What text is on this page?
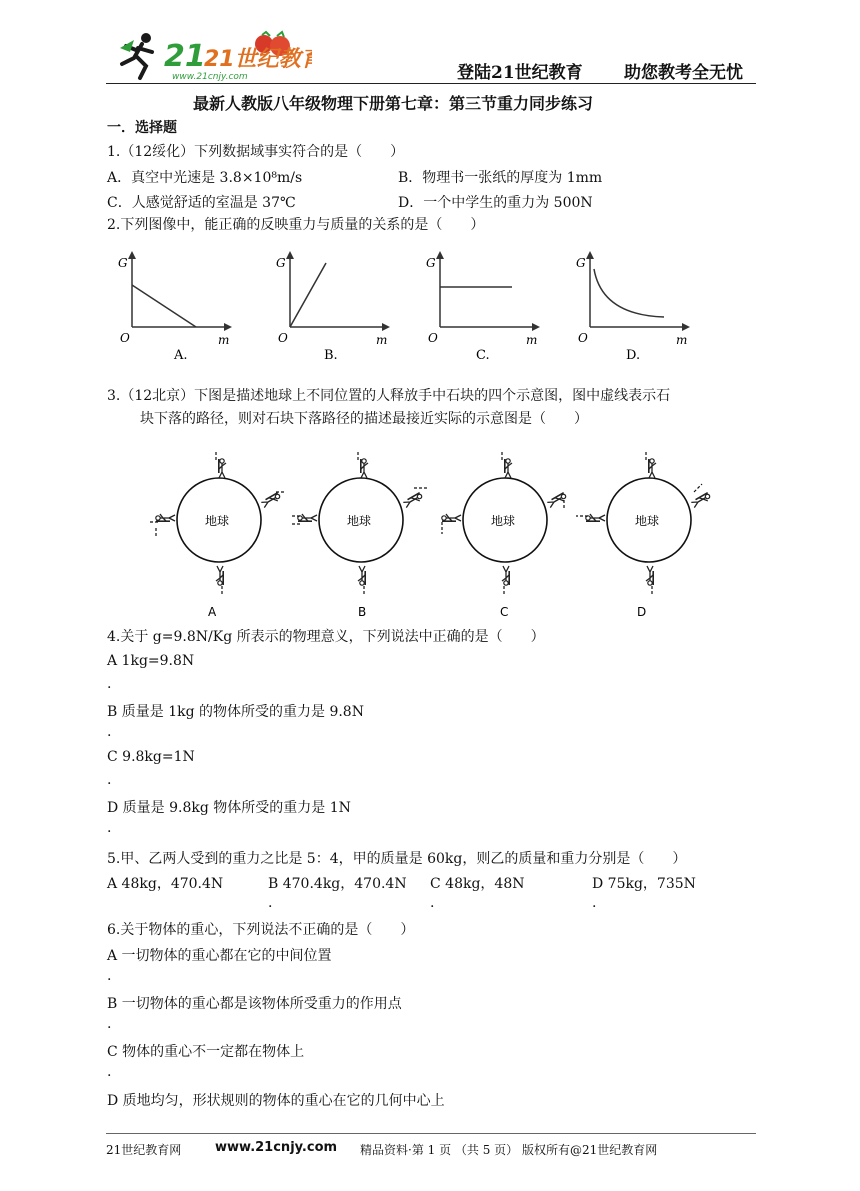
21
21世纪教育
www.21cnjy.com	登陆21世纪教育 助您教考全无忧
最新人教版八年级物理下册第七章：第三节重力同步练习
一．选择题
1.（12绥化）下列数据域事实符合的是（　　）
A．真空中光速是 3.8×10⁸m/s	B．物理书一张纸的厚度为 1mm
C．人感觉舒适的室温是 37℃	D．一个中学生的重力为 500N
2.下列图像中，能正确的反映重力与质量的关系的是（　　）
G
O	m
A.
G
O	m
B.
G
O	m
C.
G
O	m
D.
3.（12北京）下图是描述地球上不同位置的人释放手中石块的四个示意图，图中虚线表示石
块下落的路径，则对石块下落路径的描述最接近实际的示意图是（　　）
地球
A
地球
B
地球
C
地球
D
4.关于 g=9.8N/Kg 所表示的物理意义，下列说法中正确的是（　　）
A 1kg=9.8N
.
B 质量是 1kg 的物体所受的重力是 9.8N
.
C 9.8kg=1N
.
D 质量是 9.8kg 物体所受的重力是 1N
.
5.甲、乙两人受到的重力之比是 5：4，甲的质量是 60kg，则乙的质量和重力分别是（　　）
A 48kg，470.4N	B 470.4kg，470.4N C 48kg，48N	D 75kg，735N
.	.	.
6.关于物体的重心，下列说法不正确的是（　　）
A 一切物体的重心都在它的中间位置
.
B 一切物体的重心都是该物体所受重力的作用点
.
C 物体的重心不一定都在物体上
.
D 质地均匀，形状规则的物体的重心在它的几何中心上
21世纪教育网	www.21cnjy.com 精品资料·第 1 页 （共 5 页） 版权所有@21世纪教育网
